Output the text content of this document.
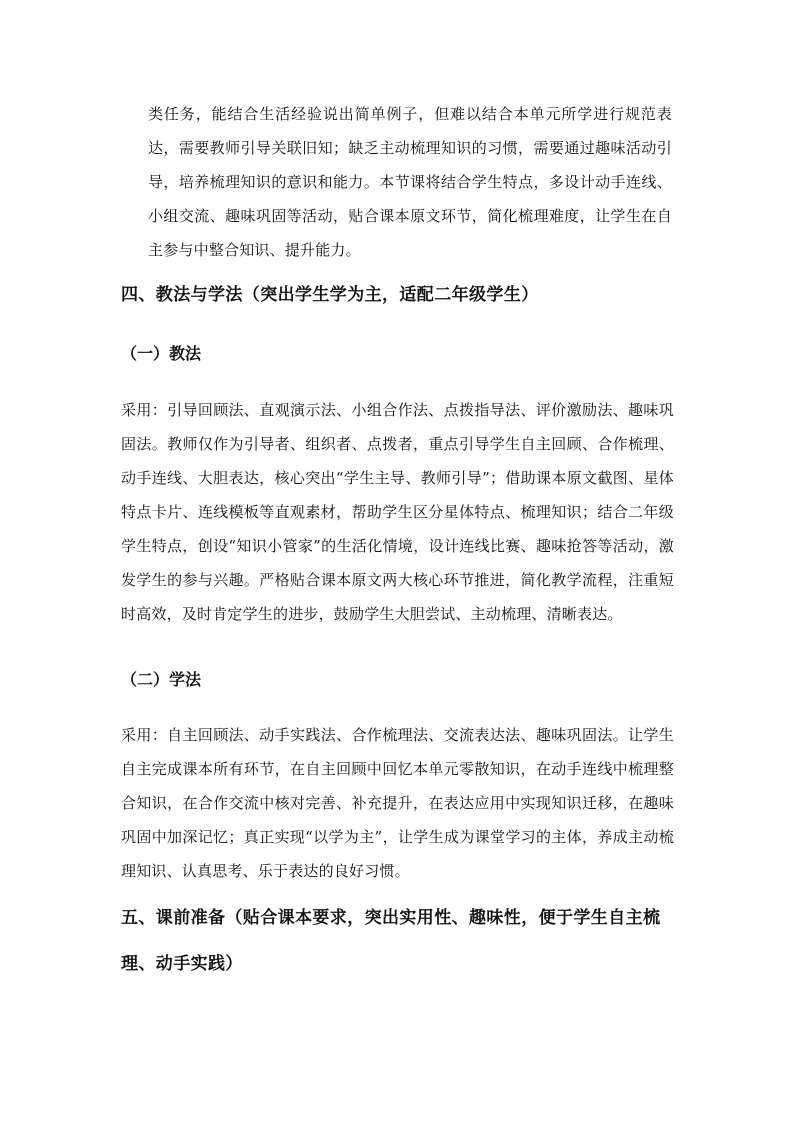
类任务，能结合生活经验说出简单例子，但难以结合本单元所学进行规范表达，需要教师引导关联旧知；缺乏主动梳理知识的习惯，需要通过趣味活动引导，培养梳理知识的意识和能力。本节课将结合学生特点，多设计动手连线、小组交流、趣味巩固等活动，贴合课本原文环节，简化梳理难度，让学生在自主参与中整合知识、提升能力。

四、教法与学法（突出学生学为主，适配二年级学生）
（一）教法

采用：引导回顾法、直观演示法、小组合作法、点拨指导法、评价激励法、趣味巩固法。教师仅作为引导者、组织者、点拨者，重点引导学生自主回顾、合作梳理、动手连线、大胆表达，核心突出“学生主导、教师引导”；借助课本原文截图、星体特点卡片、连线模板等直观素材，帮助学生区分星体特点、梳理知识；结合二年级学生特点，创设“知识小管家”的生活化情境，设计连线比赛、趣味抢答等活动，激发学生的参与兴趣。严格贴合课本原文两大核心环节推进，简化教学流程，注重短时高效，及时肯定学生的进步，鼓励学生大胆尝试、主动梳理、清晰表达。

（二）学法

采用：自主回顾法、动手实践法、合作梳理法、交流表达法、趣味巩固法。让学生自主完成课本所有环节，在自主回顾中回忆本单元零散知识，在动手连线中梳理整合知识，在合作交流中核对完善、补充提升，在表达应用中实现知识迁移，在趣味巩固中加深记忆；真正实现“以学为主”，让学生成为课堂学习的主体，养成主动梳理知识、认真思考、乐于表达的良好习惯。

五、课前准备（贴合课本要求，突出实用性、趣味性，便于学生自主梳理、动手实践）
